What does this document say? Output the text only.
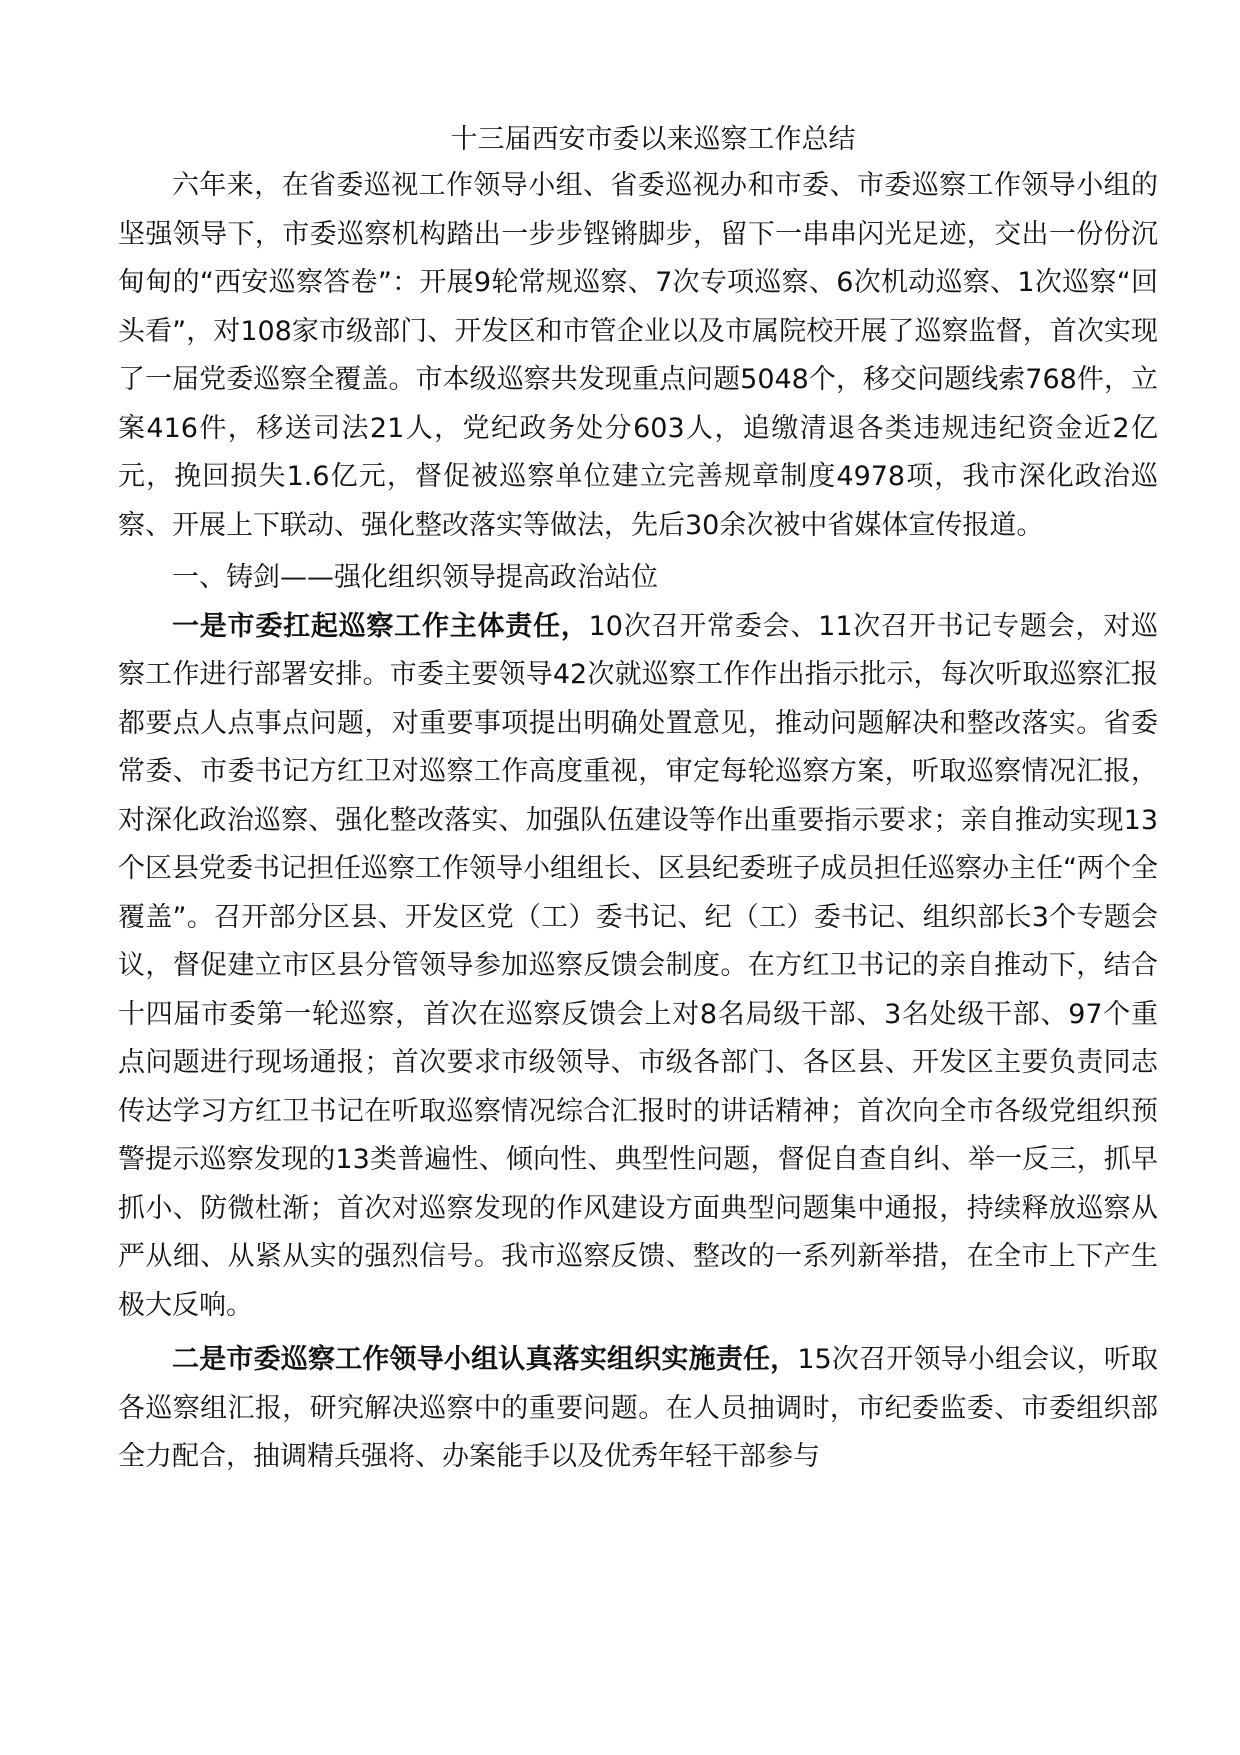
十三届西安市委以来巡察工作总结

六年来，在省委巡视工作领导小组、省委巡视办和市委、市委巡察工作领导小组的坚强领导下，市委巡察机构踏出一步步铿锵脚步，留下一串串闪光足迹，交出一份份沉甸甸的“西安巡察答卷”：开展9轮常规巡察、7次专项巡察、6次机动巡察、1次巡察“回头看”，对108家市级部门、开发区和市管企业以及市属院校开展了巡察监督，首次实现了一届党委巡察全覆盖。市本级巡察共发现重点问题5048个，移交问题线索768件，立案416件，移送司法21人，党纪政务处分603人，追缴清退各类违规违纪资金近2亿元，挽回损失1.6亿元，督促被巡察单位建立完善规章制度4978项，我市深化政治巡察、开展上下联动、强化整改落实等做法，先后30余次被中省媒体宣传报道。

一、铸剑——强化组织领导提高政治站位

一是市委扛起巡察工作主体责任，10次召开常委会、11次召开书记专题会，对巡察工作进行部署安排。市委主要领导42次就巡察工作作出指示批示，每次听取巡察汇报都要点人点事点问题，对重要事项提出明确处置意见，推动问题解决和整改落实。省委常委、市委书记方红卫对巡察工作高度重视，审定每轮巡察方案，听取巡察情况汇报，对深化政治巡察、强化整改落实、加强队伍建设等作出重要指示要求；亲自推动实现13个区县党委书记担任巡察工作领导小组组长、区县纪委班子成员担任巡察办主任“两个全覆盖”。召开部分区县、开发区党（工）委书记、纪（工）委书记、组织部长3个专题会议，督促建立市区县分管领导参加巡察反馈会制度。在方红卫书记的亲自推动下，结合十四届市委第一轮巡察，首次在巡察反馈会上对8名局级干部、3名处级干部、97个重点问题进行现场通报；首次要求市级领导、市级各部门、各区县、开发区主要负责同志传达学习方红卫书记在听取巡察情况综合汇报时的讲话精神；首次向全市各级党组织预警提示巡察发现的13类普遍性、倾向性、典型性问题，督促自查自纠、举一反三，抓早抓小、防微杜渐；首次对巡察发现的作风建设方面典型问题集中通报，持续释放巡察从严从细、从紧从实的强烈信号。我市巡察反馈、整改的一系列新举措，在全市上下产生极大反响。

二是市委巡察工作领导小组认真落实组织实施责任，15次召开领导小组会议，听取各巡察组汇报，研究解决巡察中的重要问题。在人员抽调时，市纪委监委、市委组织部全力配合，抽调精兵强将、办案能手以及优秀年轻干部参与
